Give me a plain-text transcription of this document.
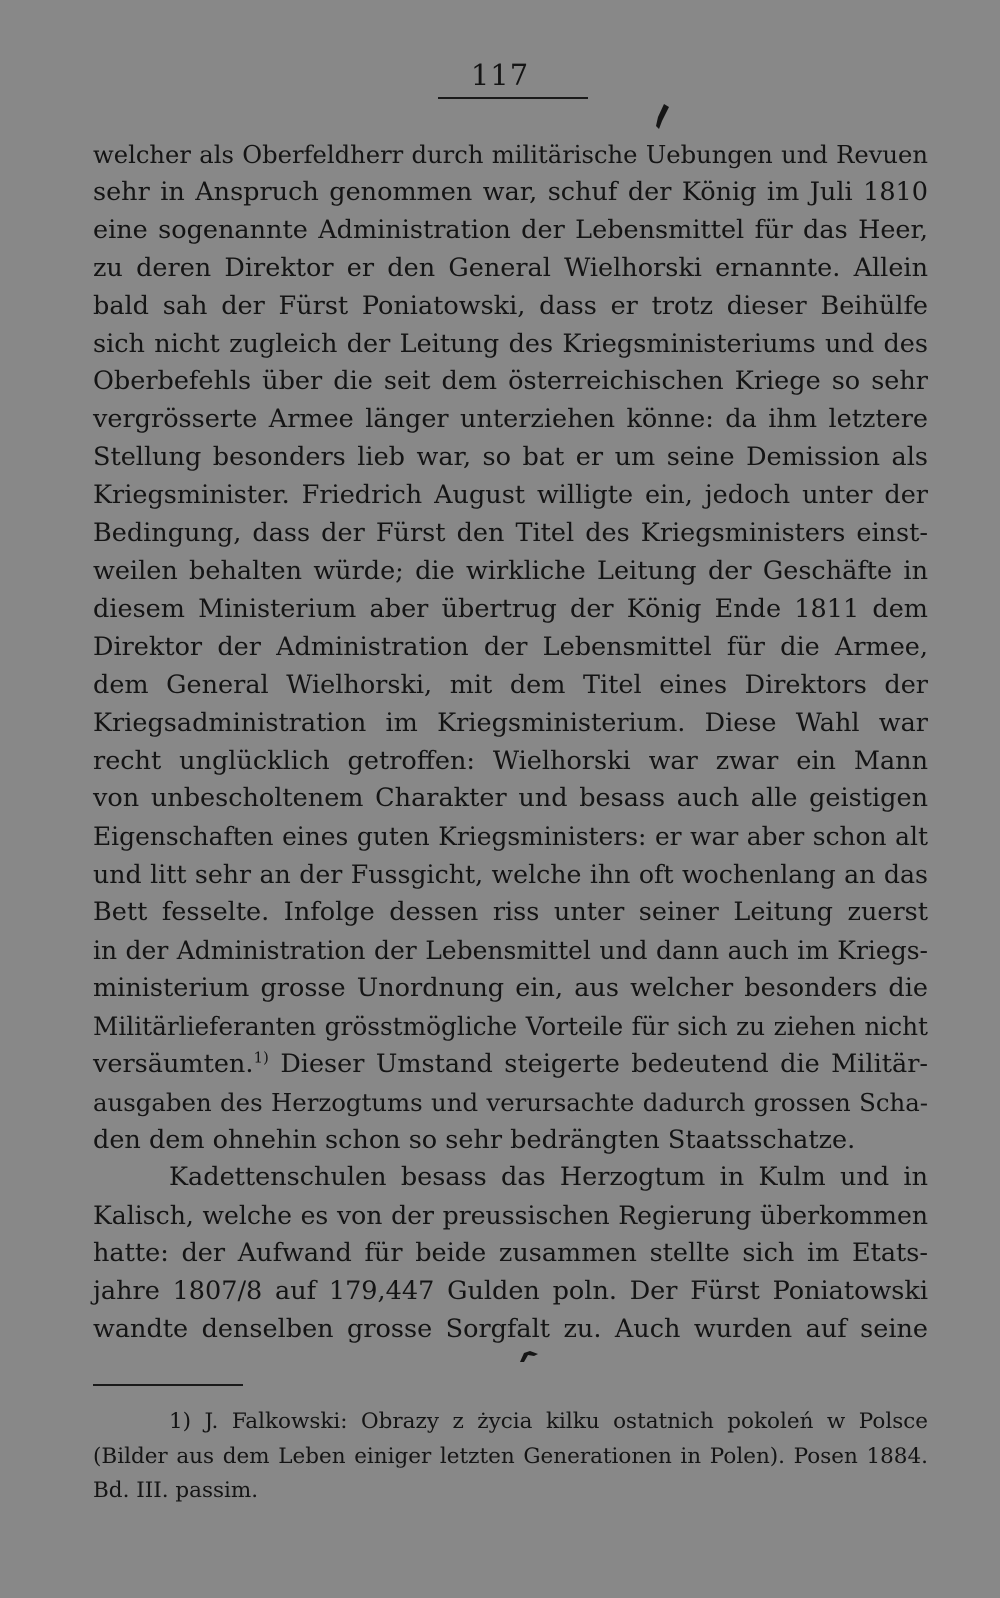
117
welcher als Oberfeldherr durch militärische Uebungen und Revuen
sehr in Anspruch genommen war, schuf der König im Juli 1810
eine sogenannte Administration der Lebensmittel für das Heer,
zu deren Direktor er den General Wielhorski ernannte. Allein
bald sah der Fürst Poniatowski, dass er trotz dieser Beihülfe
sich nicht zugleich der Leitung des Kriegsministeriums und des
Oberbefehls über die seit dem österreichischen Kriege so sehr
vergrösserte Armee länger unterziehen könne: da ihm letztere
Stellung besonders lieb war, so bat er um seine Demission als
Kriegsminister. Friedrich August willigte ein, jedoch unter der
Bedingung, dass der Fürst den Titel des Kriegsministers einst-
weilen behalten würde; die wirkliche Leitung der Geschäfte in
diesem Ministerium aber übertrug der König Ende 1811 dem
Direktor der Administration der Lebensmittel für die Armee,
dem General Wielhorski, mit dem Titel eines Direktors der
Kriegsadministration im Kriegsministerium. Diese Wahl war
recht unglücklich getroffen: Wielhorski war zwar ein Mann
von unbescholtenem Charakter und besass auch alle geistigen
Eigenschaften eines guten Kriegsministers: er war aber schon alt
und litt sehr an der Fussgicht, welche ihn oft wochenlang an das
Bett fesselte. Infolge dessen riss unter seiner Leitung zuerst
in der Administration der Lebensmittel und dann auch im Kriegs-
ministerium grosse Unordnung ein, aus welcher besonders die
Militärlieferanten grösstmögliche Vorteile für sich zu ziehen nicht
versäumten.$^{1)}$ Dieser Umstand steigerte bedeutend die Militär-
ausgaben des Herzogtums und verursachte dadurch grossen Scha-
den dem ohnehin schon so sehr bedrängten Staatsschatze.
Kadettenschulen besass das Herzogtum in Kulm und in
Kalisch, welche es von der preussischen Regierung überkommen
hatte: der Aufwand für beide zusammen stellte sich im Etats-
jahre 1807/8 auf 179,447 Gulden poln. Der Fürst Poniatowski
wandte denselben grosse Sorgfalt zu. Auch wurden auf seine
1) J. Falkowski: Obrazy z życia kilku ostatnich pokoleń w Polsce
(Bilder aus dem Leben einiger letzten Generationen in Polen). Posen 1884.
Bd. III. passim.
